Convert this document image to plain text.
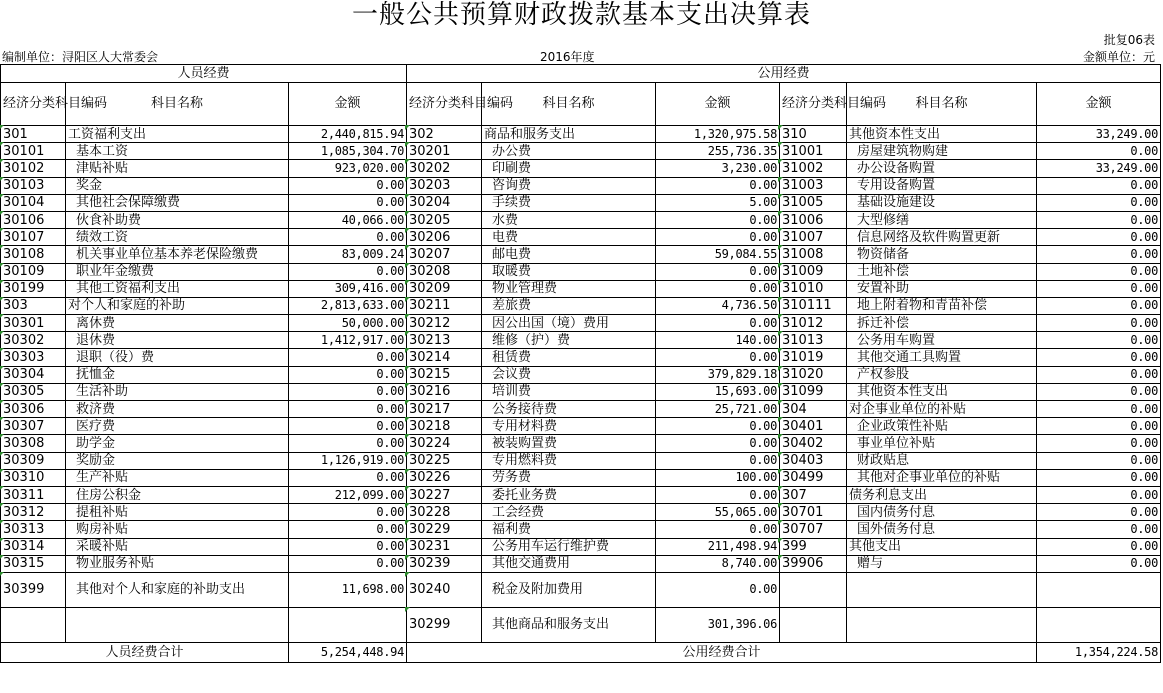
一般公共预算财政拨款基本支出决算表
批复06表
编制单位：浔阳区人大常委会	2016年度	金额单位：元
人员经费			公用经费					
经济分类科目编码	科目名称	金额	经济分类科目编码	科目名称	金额	经济分类科目编码	科目名称	金额
301	工资福利支出	2,440,815.94	302	商品和服务支出	1,320,975.58	310	其他资本性支出	33,249.00
30101	基本工资	1,085,304.70	30201	办公费	255,736.35	31001	房屋建筑物购建	0.00
30102	津贴补贴	923,020.00	30202	印刷费	3,230.00	31002	办公设备购置	33,249.00
30103	奖金	0.00	30203	咨询费	0.00	31003	专用设备购置	0.00
30104	其他社会保障缴费	0.00	30204	手续费	5.00	31005	基础设施建设	0.00
30106	伙食补助费	40,066.00	30205	水费	0.00	31006	大型修缮	0.00
30107	绩效工资	0.00	30206	电费	0.00	31007	信息网络及软件购置更新	0.00
30108	机关事业单位基本养老保险缴费	83,009.24	30207	邮电费	59,084.55	31008	物资储备	0.00
30109	职业年金缴费	0.00	30208	取暖费	0.00	31009	土地补偿	0.00
30199	其他工资福利支出	309,416.00	30209	物业管理费	0.00	31010	安置补助	0.00
303	对个人和家庭的补助	2,813,633.00	30211	差旅费	4,736.50	310111	地上附着物和青苗补偿	0.00
30301	离休费	50,000.00	30212	因公出国（境）费用	0.00	31012	拆迁补偿	0.00
30302	退休费	1,412,917.00	30213	维修（护）费	140.00	31013	公务用车购置	0.00
30303	退职（役）费	0.00	30214	租赁费	0.00	31019	其他交通工具购置	0.00
30304	抚恤金	0.00	30215	会议费	379,829.18	31020	产权参股	0.00
30305	生活补助	0.00	30216	培训费	15,693.00	31099	其他资本性支出	0.00
30306	救济费	0.00	30217	公务接待费	25,721.00	304	对企事业单位的补贴	0.00
30307	医疗费	0.00	30218	专用材料费	0.00	30401	企业政策性补贴	0.00
30308	助学金	0.00	30224	被装购置费	0.00	30402	事业单位补贴	0.00
30309	奖励金	1,126,919.00	30225	专用燃料费	0.00	30403	财政贴息	0.00
30310	生产补贴	0.00	30226	劳务费	100.00	30499	其他对企事业单位的补贴	0.00
30311	住房公积金	212,099.00	30227	委托业务费	0.00	307	债务利息支出	0.00
30312	提租补贴	0.00	30228	工会经费	55,065.00	30701	国内债务付息	0.00
30313	购房补贴	0.00	30229	福利费	0.00	30707	国外债务付息	0.00
30314	采暖补贴	0.00	30231	公务用车运行维护费	211,498.94	399	其他支出	0.00
30315	物业服务补贴	0.00	30239	其他交通费用	8,740.00	39906	赠与	0.00
30399	其他对个人和家庭的补助支出	11,698.00	30240	税金及附加费用	0.00			
			30299	其他商品和服务支出	301,396.06			
人员经费合计		5,254,448.94	公用经费合计					1,354,224.58
